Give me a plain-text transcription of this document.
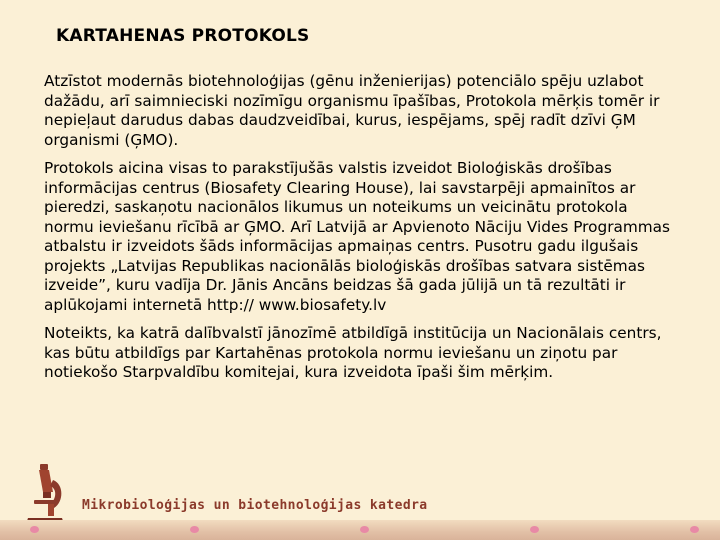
KARTAHENAS PROTOKOLS

Atzīstot modernās biotehnoloģijas (gēnu inženierijas) potenciālo spēju uzlabot
dažādu, arī saimnieciski nozīmīgu organismu īpašības, Protokola mērķis tomēr ir
nepieļaut darudus dabas daudzveidībai, kurus, iespējams, spēj radīt dzīvi ĢM
organismi (ĢMO).

Protokols aicina visas to parakstījušās valstis izveidot Bioloģiskās drošības
informācijas centrus (Biosafety Clearing House), lai savstarpēji apmainītos ar
pieredzi, saskaņotu nacionālos likumus un noteikums un veicinātu protokola
normu ieviešanu rīcībā ar ĢMO. Arī Latvijā ar Apvienoto Nāciju Vides Programmas
atbalstu ir izveidots šāds informācijas apmaiņas centrs. Pusotru gadu ilgušais
projekts „Latvijas Republikas nacionālās bioloģiskās drošības satvara sistēmas
izveide”, kuru vadīja Dr. Jānis Ancāns beidzas šā gada jūlijā un tā rezultāti ir
aplūkojami internetā http:// www.biosafety.lv

Noteikts, ka katrā dalībvalstī jānozīmē atbildīgā institūcija un Nacionālais centrs,
kas būtu atbildīgs par Kartahēnas protokola normu ieviešanu un ziņotu par
notiekošo Starpvaldību komitejai, kura izveidota īpaši šim mērķim.

Mikrobioloģijas un biotehnoloģijas katedra
